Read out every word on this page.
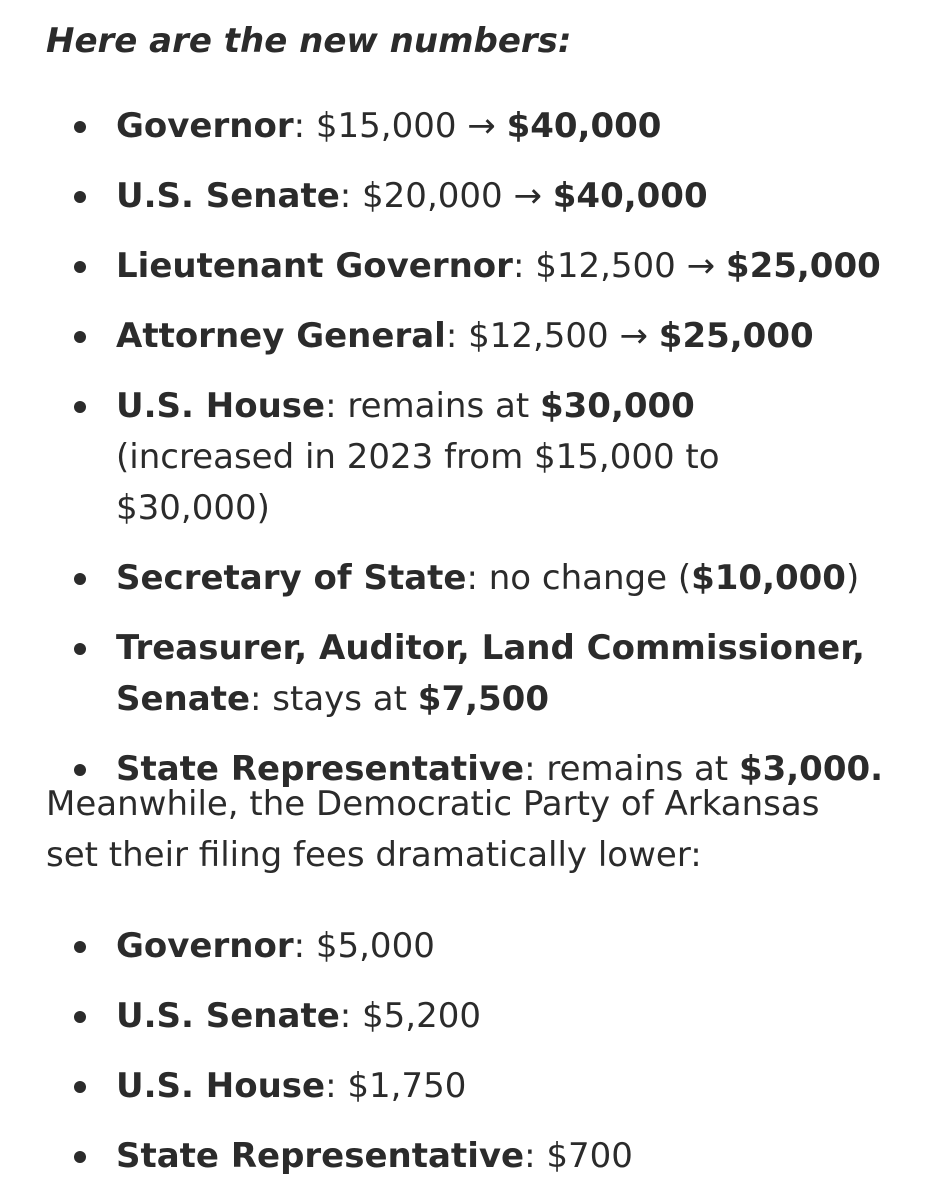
Here are the new numbers:

Governor: $15,000 → $40,000
U.S. Senate: $20,000 → $40,000
Lieutenant Governor: $12,500 → $25,000
Attorney General: $12,500 → $25,000
U.S. House: remains at $30,000 (increased in 2023 from $15,000 to $30,000)
Secretary of State: no change ($10,000)
Treasurer, Auditor, Land Commissioner, Senate: stays at $7,500
State Representative: remains at $3,000.

Meanwhile, the Democratic Party of Arkansas set their filing fees dramatically lower:

Governor: $5,000
U.S. Senate: $5,200
U.S. House: $1,750
State Representative: $700
